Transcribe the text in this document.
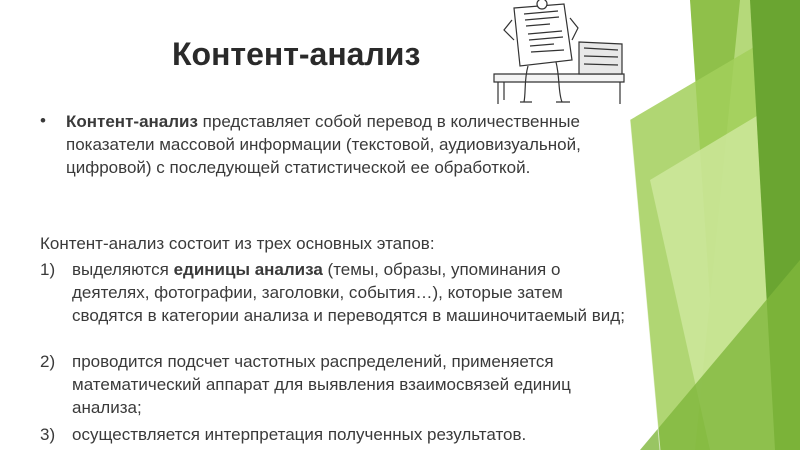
Контент-анализ
• Контент-анализ представляет собой перевод в количественные показатели массовой информации (текстовой, аудиовизуальной, цифровой) с последующей статистической ее обработкой.
Контент-анализ состоит из трех основных этапов:
1) выделяются единицы анализа (темы, образы, упоминания о деятелях, фотографии, заголовки, события…), которые затем сводятся в категории анализа и переводятся в машиночитаемый вид;
2) проводится подсчет частотных распределений, применяется математический аппарат для выявления взаимосвязей единиц анализа;
3) осуществляется интерпретация полученных результатов.
